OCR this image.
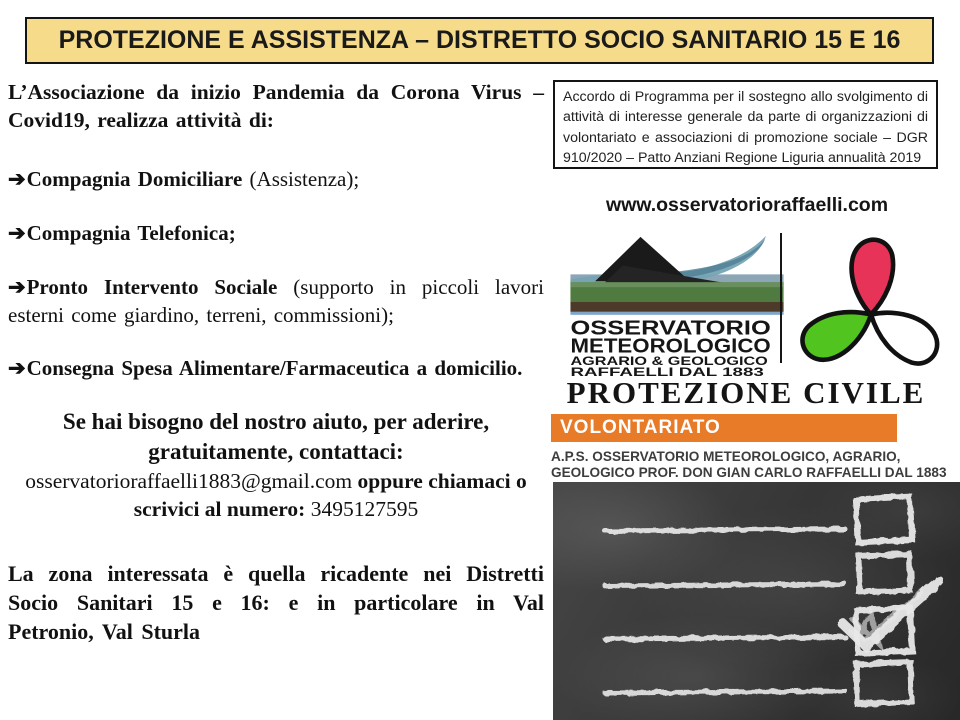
PROTEZIONE E ASSISTENZA – DISTRETTO SOCIO SANITARIO 15 E 16
L’Associazione da inizio Pandemia da Corona Virus – Covid19, realizza attività di:
➔Compagnia Domiciliare (Assistenza);
➔Compagnia Telefonica;
➔Pronto Intervento Sociale (supporto in piccoli lavori esterni come giardino, terreni, commissioni);
➔Consegna Spesa Alimentare/Farmaceutica a domicilio.
Se hai bisogno del nostro aiuto, per aderire, gratuitamente, contattaci:
osservatorioraffaelli1883@gmail.com oppure chiamaci o scrivici al numero: 3495127595
La zona interessata è quella ricadente nei Distretti Socio Sanitari 15 e 16: e in particolare in Val Petronio, Val Sturla
Accordo di Programma per il sostegno allo svolgimento di attività di interesse generale da parte di organizzazioni di volontariato e associazioni di promozione sociale – DGR 910/2020 – Patto Anziani Regione Liguria annualità 2019
www.osservatorioraffaelli.com
OSSERVATORIO
METEOROLOGICO
AGRARIO & GEOLOGICO
RAFFAELLI DAL 1883
PROTEZIONE CIVILE
VOLONTARIATO
A.P.S. OSSERVATORIO METEOROLOGICO, AGRARIO, GEOLOGICO PROF. DON GIAN CARLO RAFFAELLI DAL 1883
